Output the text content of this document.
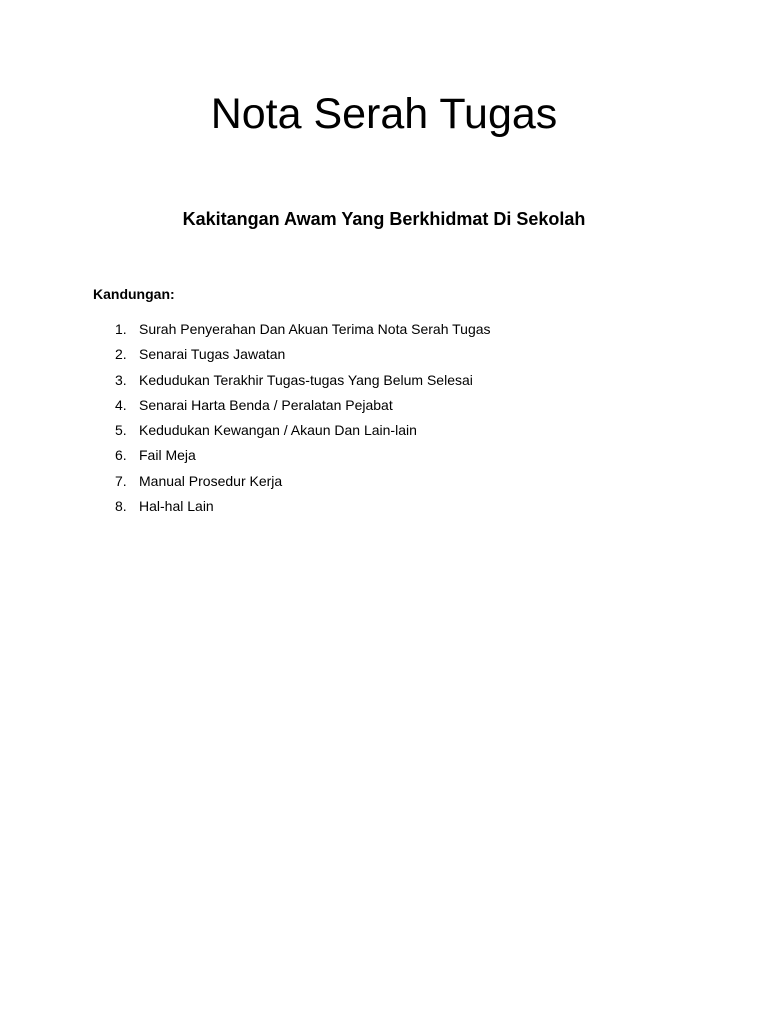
Nota Serah Tugas
Kakitangan Awam Yang Berkhidmat Di Sekolah

Kandungan:

1. Surah Penyerahan Dan Akuan Terima Nota Serah Tugas
2. Senarai Tugas Jawatan
3. Kedudukan Terakhir Tugas-tugas Yang Belum Selesai
4. Senarai Harta Benda / Peralatan Pejabat
5. Kedudukan Kewangan / Akaun Dan Lain-lain
6. Fail Meja
7. Manual Prosedur Kerja
8. Hal-hal Lain
